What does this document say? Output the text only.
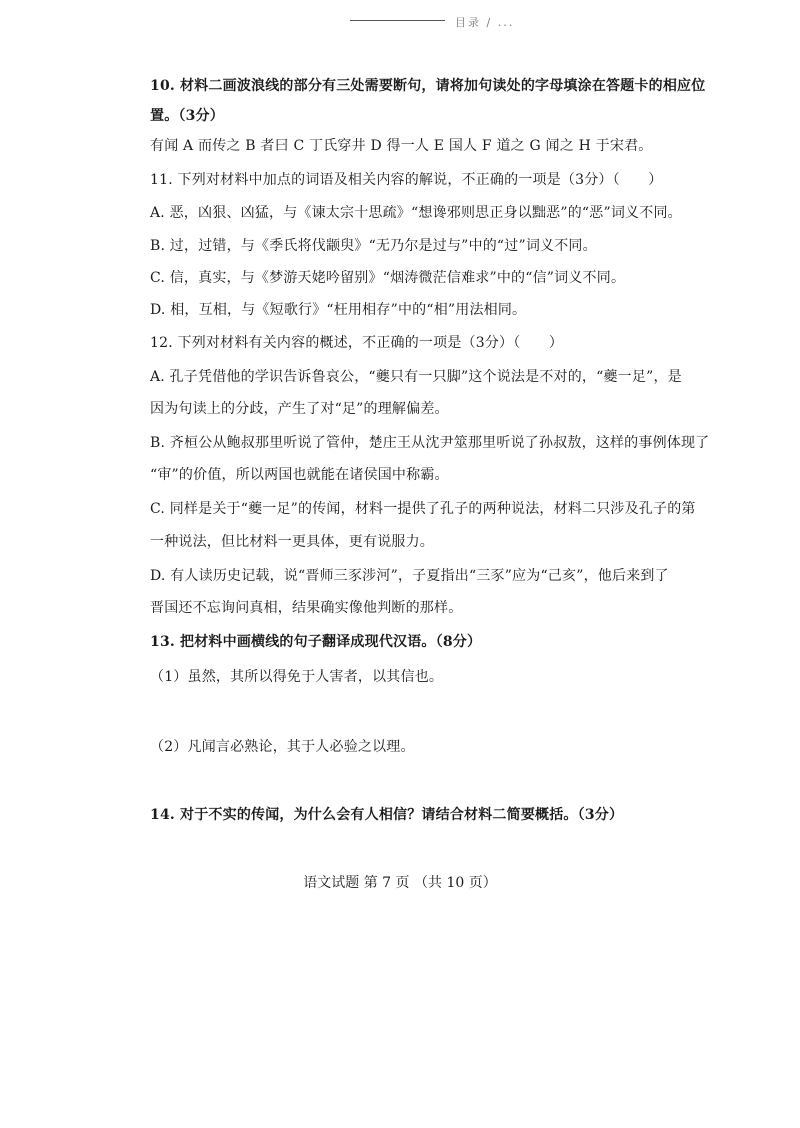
目录 / ...
10. 材料二画波浪线的部分有三处需要断句，请将加句读处的字母填涂在答题卡的相应位
置。（3分）
有闻 A 而传之 B 者曰 C 丁氏穿井 D 得一人 E 国人 F 道之 G 闻之 H 于宋君。
11. 下列对材料中加点的词语及相关内容的解说，不正确的一项是（3分）（　　）
A. 恶，凶狠、凶猛，与《谏太宗十思疏》“想谗邪则思正身以黜恶”的“恶”词义不同。
B. 过，过错，与《季氏将伐颛臾》“无乃尔是过与”中的“过”词义不同。
C. 信，真实，与《梦游天姥吟留别》“烟涛微茫信难求”中的“信”词义不同。
D. 相，互相，与《短歌行》“枉用相存”中的“相”用法相同。
12. 下列对材料有关内容的概述，不正确的一项是（3分）（　　）
A. 孔子凭借他的学识告诉鲁哀公，“夔只有一只脚”这个说法是不对的，“夔一足”，是
因为句读上的分歧，产生了对“足”的理解偏差。
B. 齐桓公从鲍叔那里听说了管仲，楚庄王从沈尹筮那里听说了孙叔敖，这样的事例体现了
“审”的价值，所以两国也就能在诸侯国中称霸。
C. 同样是关于“夔一足”的传闻，材料一提供了孔子的两种说法，材料二只涉及孔子的第
一种说法，但比材料一更具体，更有说服力。
D. 有人读历史记载，说“晋师三豕涉河”，子夏指出“三豕”应为“己亥”，他后来到了
晋国还不忘询问真相，结果确实像他判断的那样。
13. 把材料中画横线的句子翻译成现代汉语。（8分）
（1）虽然，其所以得免于人害者，以其信也。
（2）凡闻言必熟论，其于人必验之以理。
14. 对于不实的传闻，为什么会有人相信？请结合材料二简要概括。（3分）
语文试题 第 7 页 （共 10 页）
